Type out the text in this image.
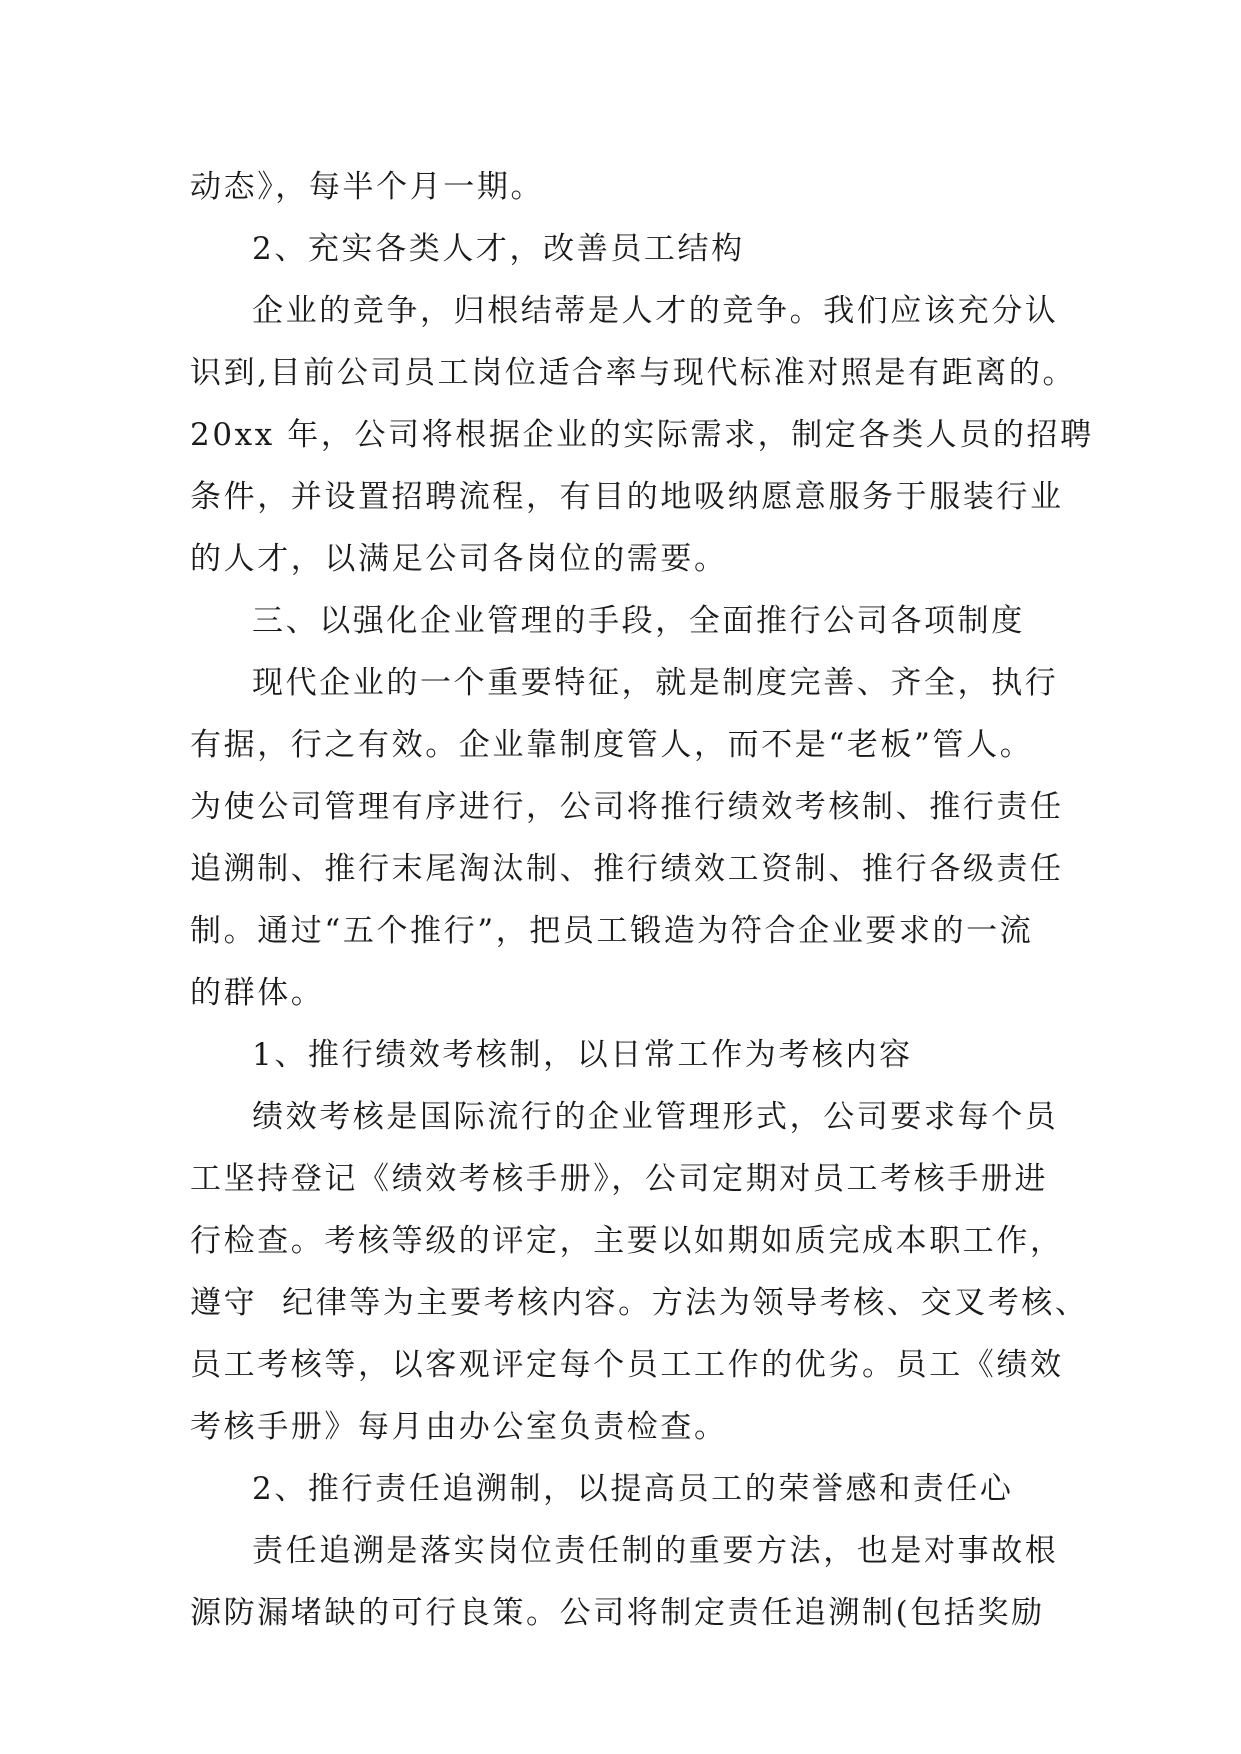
动态》，每半个月一期。
2、充实各类人才，改善员工结构
企业的竞争，归根结蒂是人才的竞争。我们应该充分认
识到,目前公司员工岗位适合率与现代标准对照是有距离的。
20xx 年，公司将根据企业的实际需求，制定各类人员的招聘
条件，并设置招聘流程，有目的地吸纳愿意服务于服装行业
的人才，以满足公司各岗位的需要。
三、以强化企业管理的手段，全面推行公司各项制度
现代企业的一个重要特征，就是制度完善、齐全，执行
有据，行之有效。企业靠制度管人，而不是“老板”管人。
为使公司管理有序进行，公司将推行绩效考核制、推行责任
追溯制、推行末尾淘汰制、推行绩效工资制、推行各级责任
制。通过“五个推行”，把员工锻造为符合企业要求的一流
的群体。
1、推行绩效考核制，以日常工作为考核内容
绩效考核是国际流行的企业管理形式，公司要求每个员
工坚持登记《绩效考核手册》，公司定期对员工考核手册进
行检查。考核等级的评定，主要以如期如质完成本职工作，
遵守  纪律等为主要考核内容。方法为领导考核、交叉考核、
员工考核等，以客观评定每个员工工作的优劣。员工《绩效
考核手册》每月由办公室负责检查。
2、推行责任追溯制，以提高员工的荣誉感和责任心
责任追溯是落实岗位责任制的重要方法，也是对事故根
源防漏堵缺的可行良策。公司将制定责任追溯制(包括奖励
